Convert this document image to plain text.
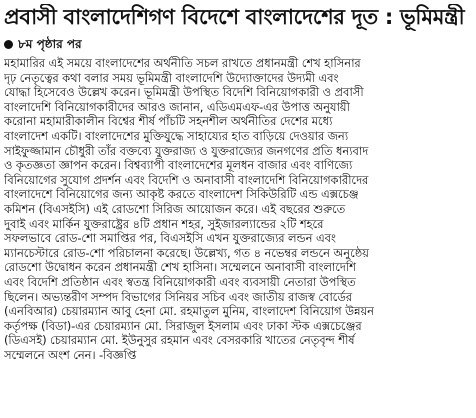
প্রবাসী বাংলাদেশিগণ বিদেশে বাংলাদেশের দূত : ভূমিমন্ত্রী
৮ম পৃষ্ঠার পর
মহামারির এই সময়ে বাংলাদেশের অর্থনীতি সচল রাখতে প্রধানমন্ত্রী শেখ হাসিনার
দৃঢ় নেতৃত্বের কথা বলার সময় ভূমিমন্ত্রী বাংলাদেশি উদ্যোক্তাদের উদ্যমী এবং
যোদ্ধা হিসেবেও উল্লেখ করেন। ভূমিমন্ত্রী উপস্থিত বিদেশি বিনিয়োগকারী ও প্রবাসী
বাংলাদেশি বিনিয়োগকারীদের আরও জানান, এডিএমএফ-এর উপাত্ত অনুযায়ী
করোনা মহামারীকালীন বিশ্বের শীর্ষ পাঁচটি সহনশীল অর্থনীতির দেশের মধ্যে
বাংলাদেশ একটি। বাংলাদেশের মুক্তিযুদ্ধে সাহায্যের হাত বাড়িয়ে দেওয়ার জন্য
সাইফুজ্জামান চৌধুরী তাঁর বক্তব্যে যুক্তরাজ্য ও যুক্তরাজ্যের জনগণের প্রতি ধন্যবাদ
ও কৃতজ্ঞতা জ্ঞাপন করেন। বিশ্বব্যাপী বাংলাদেশের মূলধন বাজার এবং বাণিজ্যে
বিনিয়োগের সুযোগ প্রদর্শন এবং বিদেশি ও অনাবাসী বাংলাদেশি বিনিয়োগকারীদের
বাংলাদেশে বিনিয়োগের জন্য আকৃষ্ট করতে বাংলাদেশ সিকিউরিটি এন্ড এক্সচেঞ্জ
কমিশন (বিএসইসি) এই রোডশো সিরিজ আয়োজন করে। এই বছরের শুরুতে
দুবাই এবং মার্কিন যুক্তরাষ্ট্রের ৪টি প্রধান শহর, সুইজারল্যান্ডের ২টি শহরে
সফলভাবে রোড-শো সমাপ্তির পর, বিএসইসি এখন যুক্তরাজ্যের লন্ডন এবং
ম্যানচেস্টারে রোড-শো পরিচালনা করেছে। উল্লেখ্য, গত ৪ নভেম্বর লন্ডনে অনুষ্ঠেয়
রোডশো উদ্বোধন করেন প্রধানমন্ত্রী শেখ হাসিনা। সম্মেলনে অনাবাসী বাংলাদেশি
এবং বিদেশি প্রতিষ্ঠান এবং স্বতন্ত্র বিনিয়োগকারী এবং ব্যবসায়ী নেতারা উপস্থিত
ছিলেন। অভ্যন্তরীণ সম্পদ বিভাগের সিনিয়র সচিব এবং জাতীয় রাজস্ব বোর্ডের
(এনবিআর) চেয়ারম্যান আবু হেনা মো. রহমাতুল মুনিম, বাংলাদেশ বিনিয়োগ উন্নয়ন
কর্তৃপক্ষ (বিডা)-এর চেয়ারম্যান মো. সিরাজুল ইসলাম এবং ঢাকা স্টক এক্সচেঞ্জের
(ডিএসই) চেয়ারম্যান মো. ইউনুসুর রহমান এবং বেসরকারি খাতের নেতৃবৃন্দ শীর্ষ
সম্মেলনে অংশ নেন। -বিজ্ঞপ্তি
